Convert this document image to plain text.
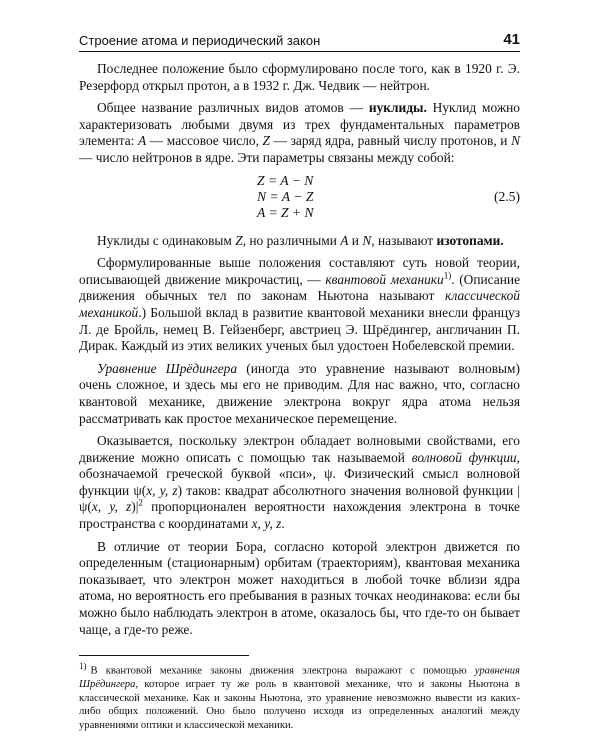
Строение атома и периодический закон	41

Последнее положение было сформулировано после того, как в 1920 г. Э. Резерфорд открыл протон, а в 1932 г. Дж. Чедвик — нейтрон.

Общее название различных видов атомов — нуклиды. Нуклид можно характеризовать любыми двумя из трех фундаментальных параметров элемента: A — массовое число, Z — заряд ядра, равный числу протонов, и N — число нейтронов в ядре. Эти параметры связаны между собой:

Z = A − N
N = A − Z
A = Z + N
(2.5)

Нуклиды с одинаковым Z, но различными A и N, называют изотопами.

Сформулированные выше положения составляют суть новой теории, описывающей движение микрочастиц, — квантовой механики$^{1)}$. (Описание движения обычных тел по законам Ньютона называют классической механикой.) Большой вклад в развитие квантовой механики внесли француз Л. де Бройль, немец В. Гейзенберг, австриец Э. Шрёдингер, англичанин П. Дирак. Каждый из этих великих ученых был удостоен Нобелевской премии.

Уравнение Шрёдингера (иногда это уравнение называют волновым) очень сложное, и здесь мы его не приводим. Для нас важно, что, согласно квантовой механике, движение электрона вокруг ядра атома нельзя рассматривать как простое механическое перемещение.

Оказывается, поскольку электрон обладает волновыми свойствами, его движение можно описать с помощью так называемой волновой функции, обозначаемой греческой буквой «пси», ψ. Физический смысл волновой функции ψ(x, y, z) таков: квадрат абсолютного значения волновой функции |ψ(x, y, $z)|^2$ пропорционален вероятности нахождения электрона в точке пространства с координатами x, y, z.

В отличие от теории Бора, согласно которой электрон движется по определенным (стационарным) орбитам (траекториям), квантовая механика показывает, что электрон может находиться в любой точке вблизи ядра атома, но вероятность его пребывания в разных точках неодинакова: если бы можно было наблюдать электрон в атоме, оказалось бы, что где-то он бывает чаще, а где-то реже.

$^{1)}$ В квантовой механике законы движения электрона выражают с помощью уравнения Шрёдингера, которое играет ту же роль в квантовой механике, что и законы Ньютона в классической механике. Как и законы Ньютона, это уравнение невозможно вывести из каких-либо общих положений. Оно было получено исходя из определенных аналогий между уравнениями оптики и классической механики.
